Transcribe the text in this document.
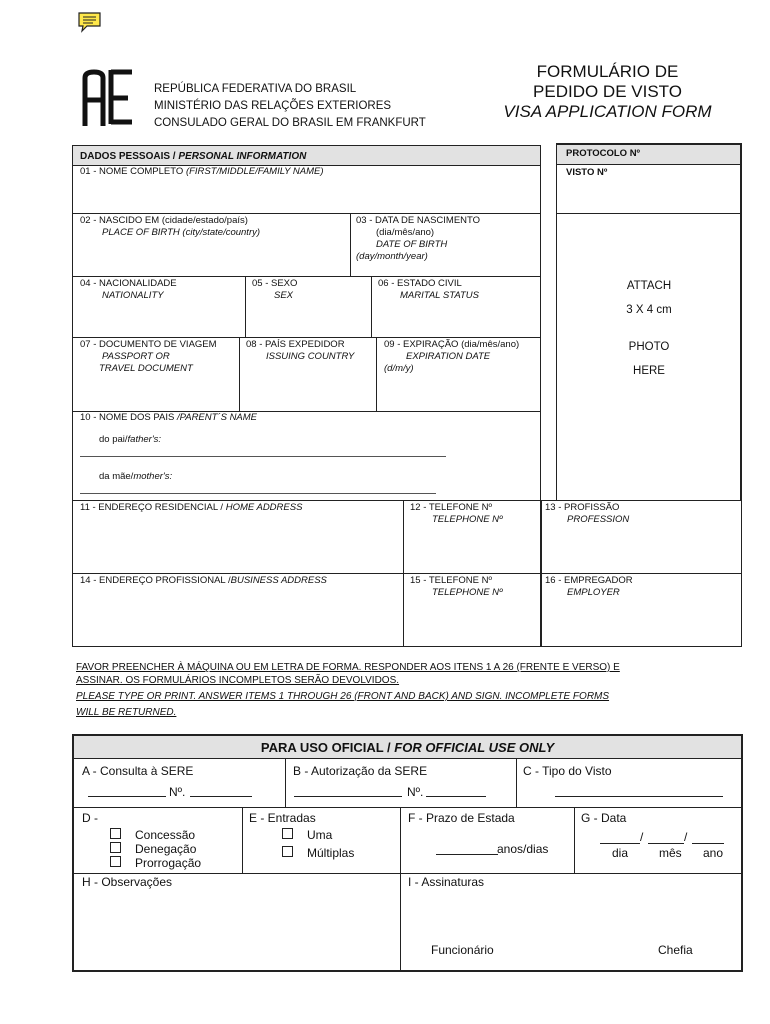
AE
REPÚBLICA FEDERATIVA DO BRASIL
MINISTÉRIO DAS RELAÇÕES EXTERIORES
CONSULADO GERAL DO BRASIL EM FRANKFURT
FORMULÁRIO DE
PEDIDO DE VISTO
VISA APPLICATION FORM
DADOS PESSOAIS / PERSONAL INFORMATION
01 - NOME COMPLETO (FIRST/MIDDLE/FAMILY NAME)
02 - NASCIDO EM (cidade/estado/país)
PLACE OF BIRTH (city/state/country)
03 - DATA DE NASCIMENTO
(dia/mês/ano)
DATE OF BIRTH
(day/month/year)
04 - NACIONALIDADE
NATIONALITY
05 - SEXO
SEX
06 - ESTADO CIVIL
MARITAL STATUS
07 - DOCUMENTO DE VIAGEM
PASSPORT OR
TRAVEL DOCUMENT
08 - PAÍS EXPEDIDOR
ISSUING COUNTRY
09 - EXPIRAÇÃO (dia/mês/ano)
EXPIRATION DATE
(d/m/y)
10 - NOME DOS PAIS /PARENT´S NAME
do pai/father's:
da mãe/mother's:
11 - ENDEREÇO RESIDENCIAL / HOME ADDRESS	12 - TELEFONE Nº
TELEPHONE Nº
13 - PROFISSÃO
PROFESSION
14 - ENDEREÇO PROFISSIONAL /BUSINESS ADDRESS	15 - TELEFONE Nº
TELEPHONE Nº
16 - EMPREGADOR
EMPLOYER
PROTOCOLO Nº
VISTO Nº
ATTACH
3 X 4 cm
PHOTO
HERE
FAVOR PREENCHER À MÁQUINA OU EM LETRA DE FORMA. RESPONDER AOS ITENS 1 A 26 (FRENTE E VERSO) E
ASSINAR. OS FORMULÁRIOS INCOMPLETOS SERÃO DEVOLVIDOS.
PLEASE TYPE OR PRINT. ANSWER ITEMS 1 THROUGH 26 (FRONT AND BACK) AND SIGN. INCOMPLETE FORMS
WILL BE RETURNED.
PARA USO OFICIAL / FOR OFFICIAL USE ONLY
A - Consulta à SERE
Nº.
B - Autorização da SERE
Nº.
C - Tipo do Visto
D -
Concessão
Denegação
Prorrogação
E - Entradas
Uma
Múltiplas
F - Prazo de Estada
anos/dias
G - Data
/	/
dia	mês ano
H - Observações	I - Assinaturas
Funcionário	Chefia
